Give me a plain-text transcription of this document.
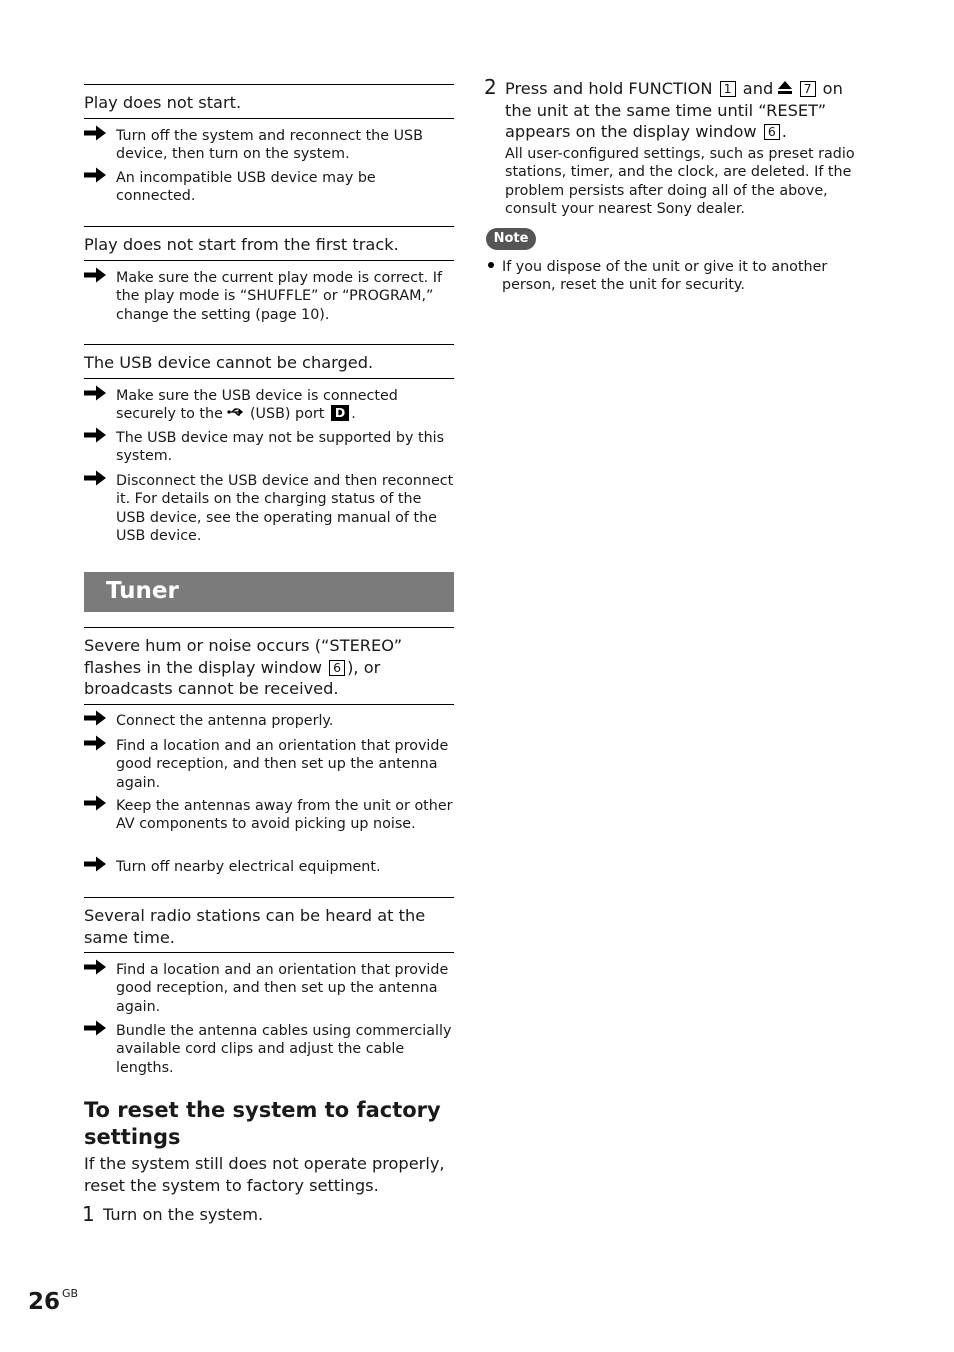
Play does not start.
Turn off the system and reconnect the USB device, then turn on the system.
An incompatible USB device may be connected.
Play does not start from the first track.
Make sure the current play mode is correct. If the play mode is “SHUFFLE” or “PROGRAM,” change the setting (page 10).
The USB device cannot be charged.
Make sure the USB device is connected securely to the (USB) port D .
The USB device may not be supported by this system.
Disconnect the USB device and then reconnect it. For details on the charging status of the USB device, see the operating manual of the USB device.
Tuner
Severe hum or noise occurs (“STEREO” flashes in the display window 6 ), or broadcasts cannot be received.
Connect the antenna properly.
Find a location and an orientation that provide good reception, and then set up the antenna again.
Keep the antennas away from the unit or other AV components to avoid picking up noise.
Turn off nearby electrical equipment.
Several radio stations can be heard at the same time.
Find a location and an orientation that provide good reception, and then set up the antenna again.
Bundle the antenna cables using commercially available cord clips and adjust the cable lengths.
To reset the system to factory settings
If the system still does not operate properly, reset the system to factory settings.
1 Turn on the system.
2 Press and hold FUNCTION 1 and 7 on the unit at the same time until “RESET” appears on the display window 6 .
All user-configured settings, such as preset radio stations, timer, and the clock, are deleted. If the problem persists after doing all of the above, consult your nearest Sony dealer.
Note
If you dispose of the unit or give it to another person, reset the unit for security.
26 $^{GB}$
